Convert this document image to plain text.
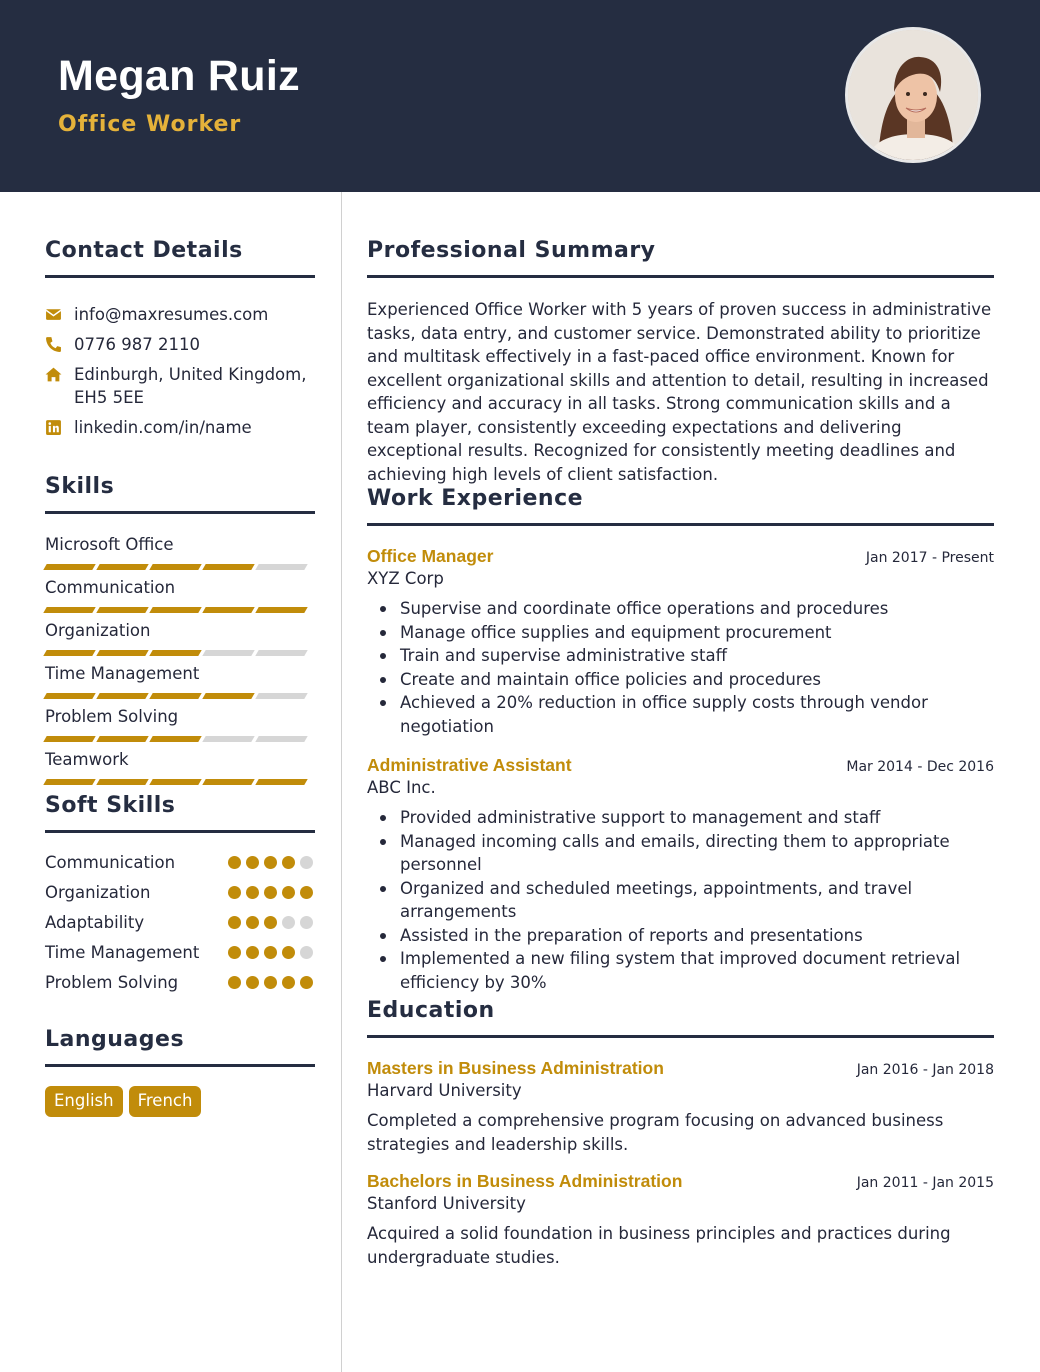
Megan Ruiz
Office Worker
Contact Details
info@maxresumes.com
0776 987 2110
Edinburgh, United Kingdom, EH5 5EE
linkedin.com/in/name
Skills
Microsoft Office
Communication
Organization
Time Management
Problem Solving
Teamwork
Soft Skills
Communication
Organization
Adaptability
Time Management
Problem Solving
Languages
English	French
Professional Summary
Experienced Office Worker with 5 years of proven success in administrative tasks, data entry, and customer service. Demonstrated ability to prioritize and multitask effectively in a fast-paced office environment. Known for excellent organizational skills and attention to detail, resulting in increased efficiency and accuracy in all tasks. Strong communication skills and a team player, consistently exceeding expectations and delivering exceptional results. Recognized for consistently meeting deadlines and achieving high levels of client satisfaction.
Work Experience
Office Manager	Jan 2017 - Present
XYZ Corp
Supervise and coordinate office operations and procedures
Manage office supplies and equipment procurement
Train and supervise administrative staff
Create and maintain office policies and procedures
Achieved a 20% reduction in office supply costs through vendor negotiation
Administrative Assistant	Mar 2014 - Dec 2016
ABC Inc.
Provided administrative support to management and staff
Managed incoming calls and emails, directing them to appropriate personnel
Organized and scheduled meetings, appointments, and travel arrangements
Assisted in the preparation of reports and presentations
Implemented a new filing system that improved document retrieval efficiency by 30%
Education
Masters in Business Administration	Jan 2016 - Jan 2018
Harvard University
Completed a comprehensive program focusing on advanced business strategies and leadership skills.
Bachelors in Business Administration	Jan 2011 - Jan 2015
Stanford University
Acquired a solid foundation in business principles and practices during undergraduate studies.
